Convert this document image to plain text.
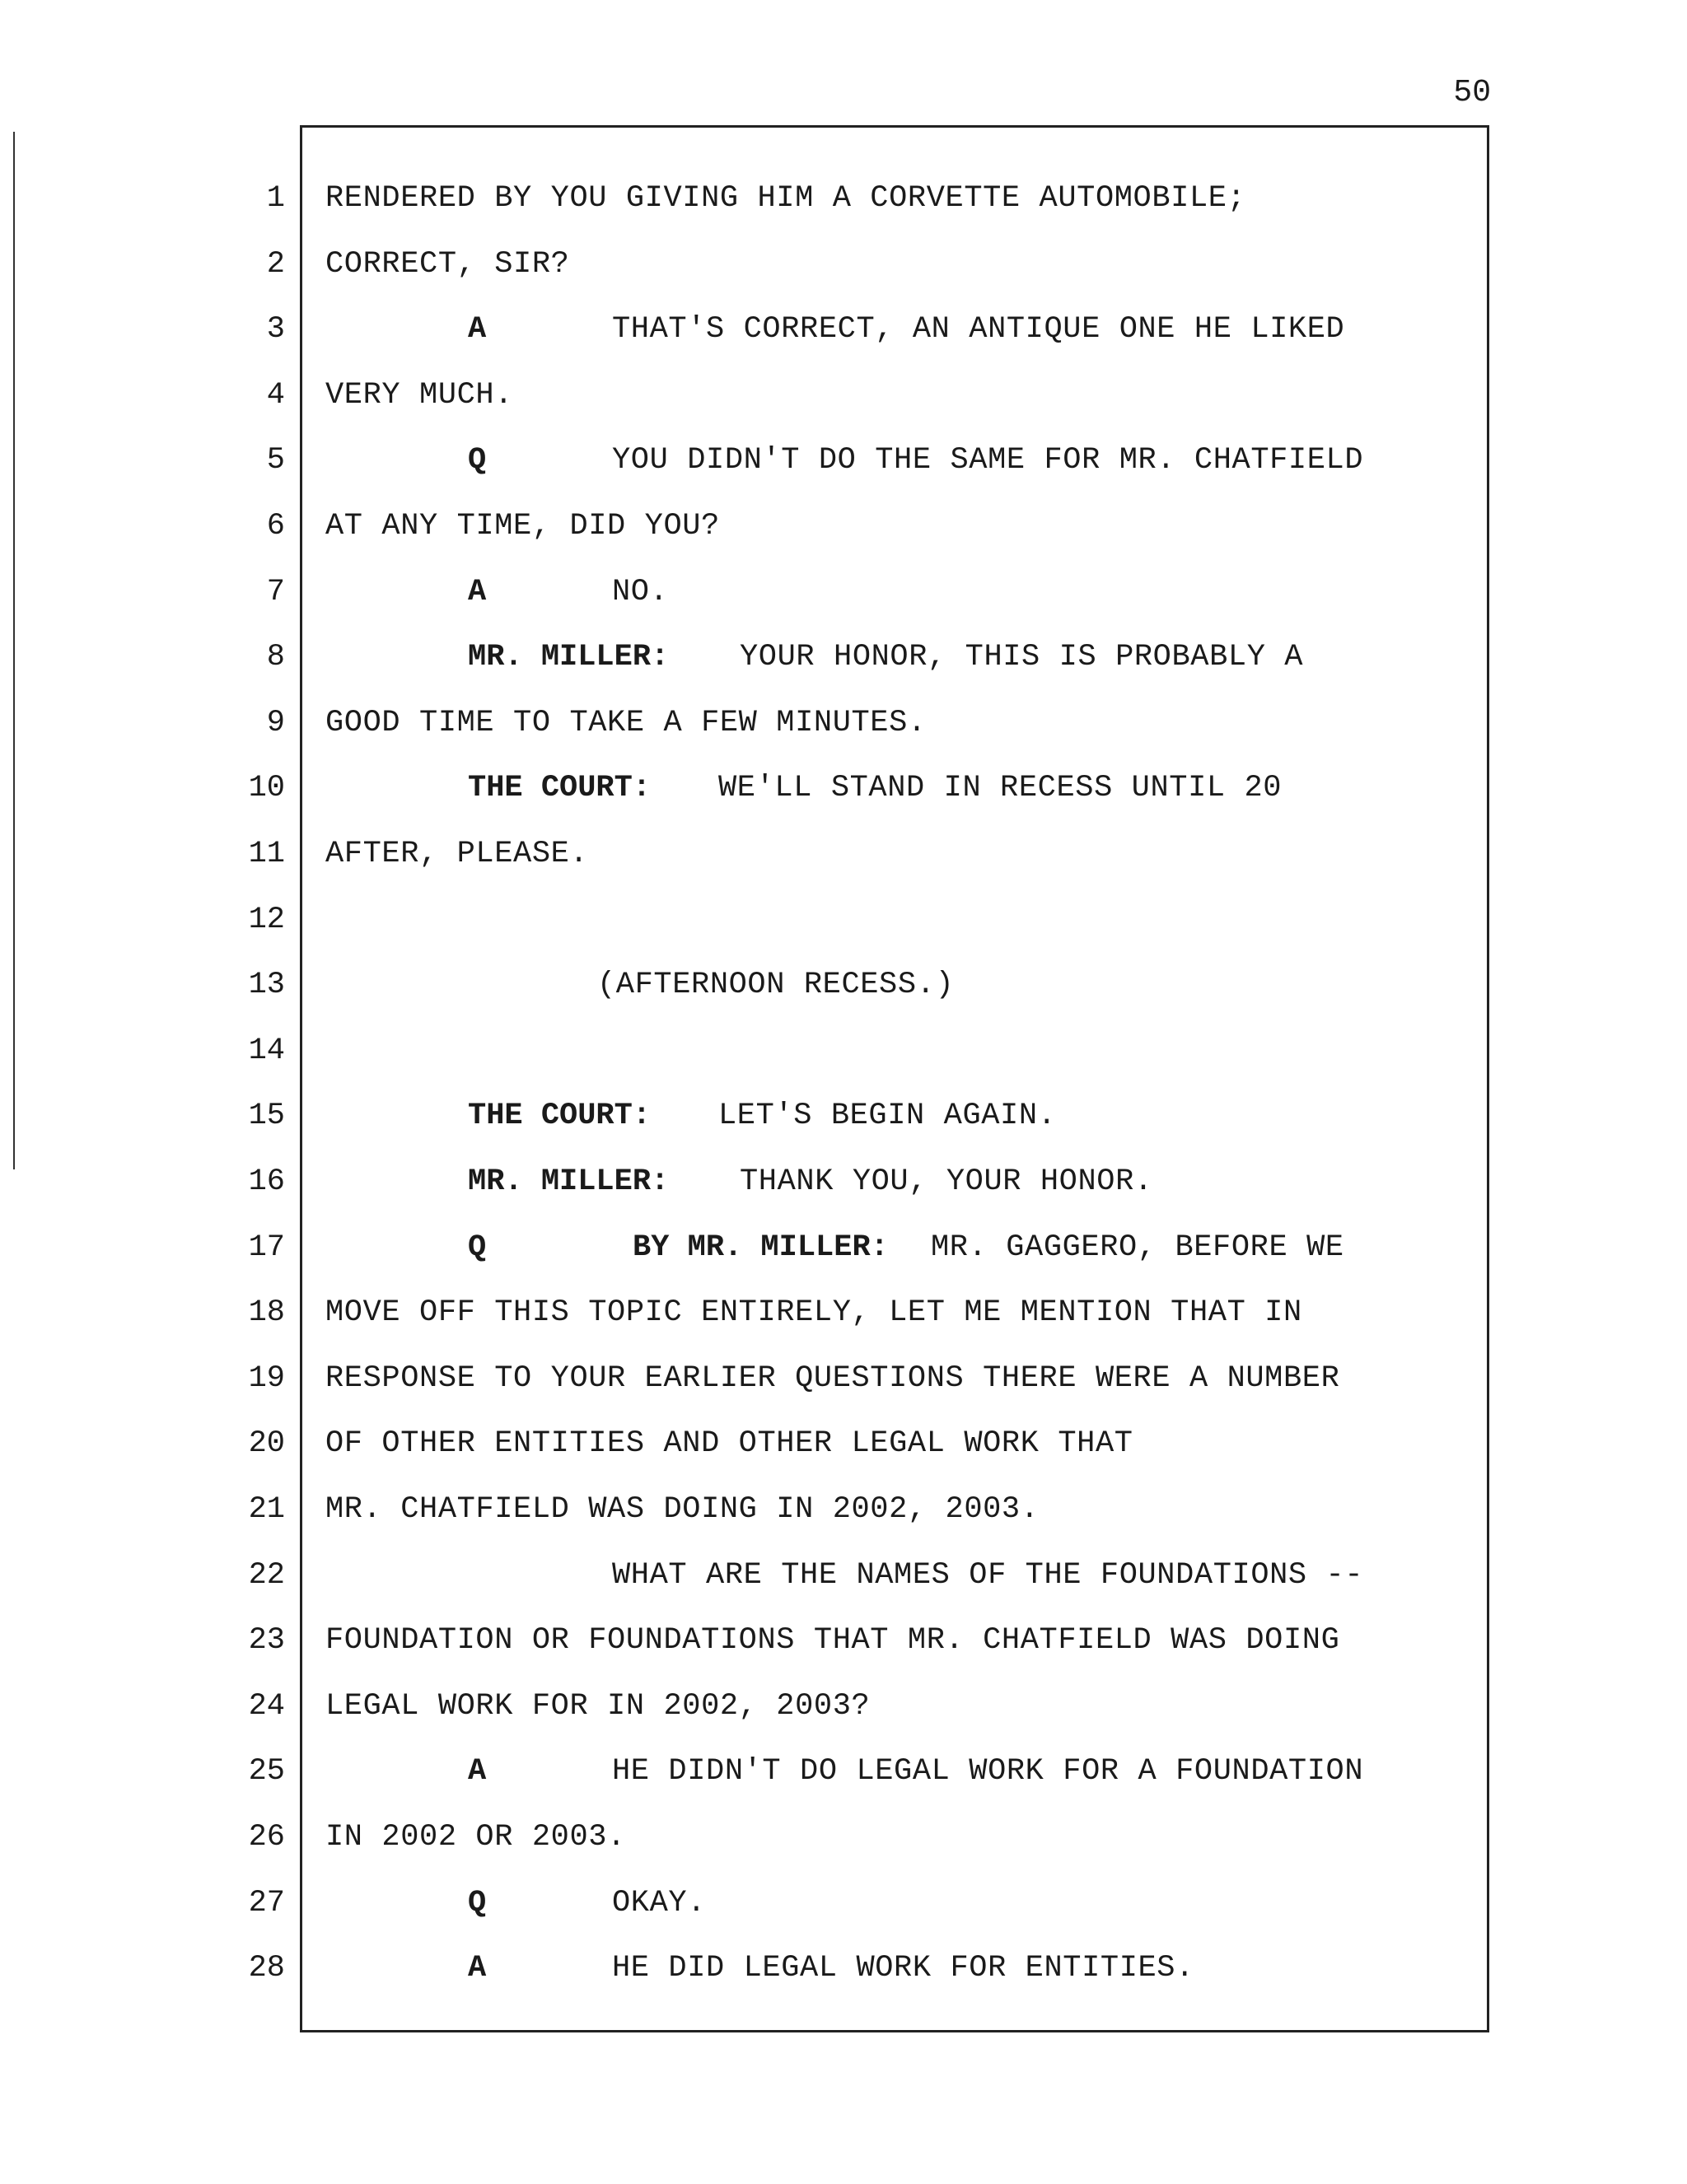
50
1 RENDERED BY YOU GIVING HIM A CORVETTE AUTOMOBILE;
2 CORRECT, SIR?
3	A	THAT'S CORRECT, AN ANTIQUE ONE HE LIKED
4 VERY MUCH.
5	Q	YOU DIDN'T DO THE SAME FOR MR. CHATFIELD
6 AT ANY TIME, DID YOU?
7	A	NO.
8	MR. MILLER: YOUR HONOR, THIS IS PROBABLY A
9 GOOD TIME TO TAKE A FEW MINUTES.
10	THE COURT: WE'LL STAND IN RECESS UNTIL 20
11 AFTER, PLEASE.
12
13	(AFTERNOON RECESS.)
14
15	THE COURT: LET'S BEGIN AGAIN.
16	MR. MILLER: THANK YOU, YOUR HONOR.
17	Q	BY MR. MILLER: MR. GAGGERO, BEFORE WE
18 MOVE OFF THIS TOPIC ENTIRELY, LET ME MENTION THAT IN
19 RESPONSE TO YOUR EARLIER QUESTIONS THERE WERE A NUMBER
20 OF OTHER ENTITIES AND OTHER LEGAL WORK THAT
21 MR. CHATFIELD WAS DOING IN 2002, 2003.
22	WHAT ARE THE NAMES OF THE FOUNDATIONS --
23 FOUNDATION OR FOUNDATIONS THAT MR. CHATFIELD WAS DOING
24 LEGAL WORK FOR IN 2002, 2003?
25	A	HE DIDN'T DO LEGAL WORK FOR A FOUNDATION
26 IN 2002 OR 2003.
27	Q	OKAY.
28	A	HE DID LEGAL WORK FOR ENTITIES.
